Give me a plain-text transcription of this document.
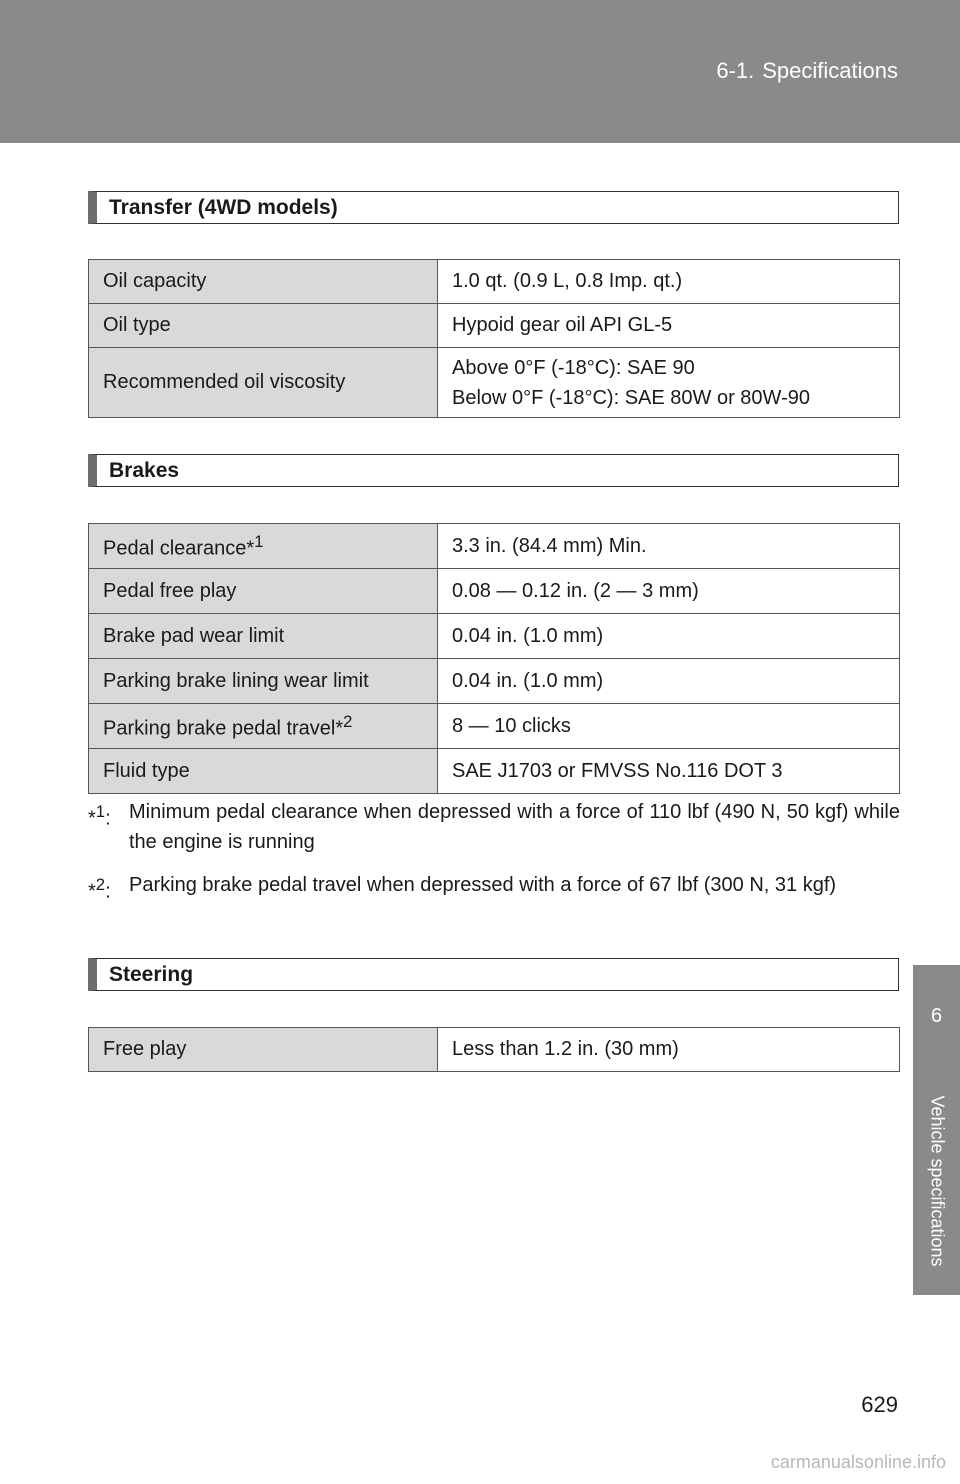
6-1. Specifications
6
Vehicle specifications
Transfer (4WD models)
Oil capacity	1.0 qt. (0.9 L, 0.8 Imp. qt.)
Oil type	Hypoid gear oil API GL-5
Recommended oil viscosity	Above 0°F (-18°C): SAE 90
Below 0°F (-18°C): SAE 80W or 80W-90
Brakes
Pedal clearance*$^1$	3.3 in. (84.4 mm) Min.
Pedal free play	0.08 — 0.12 in. (2 — 3 mm)
Brake pad wear limit	0.04 in. (1.0 mm)
Parking brake lining wear limit	0.04 in. (1.0 mm)
Parking brake pedal travel*$^2$	8 — 10 clicks
Fluid type	SAE J1703 or FMVSS No.116 DOT 3
*$^1$: Minimum pedal clearance when depressed with a force of 110 lbf (490 N, 50 kgf) while the engine is running
*$^2$: Parking brake pedal travel when depressed with a force of 67 lbf (300 N, 31 kgf)
Steering
Free play	Less than 1.2 in. (30 mm)
629
carmanualsonline.info
